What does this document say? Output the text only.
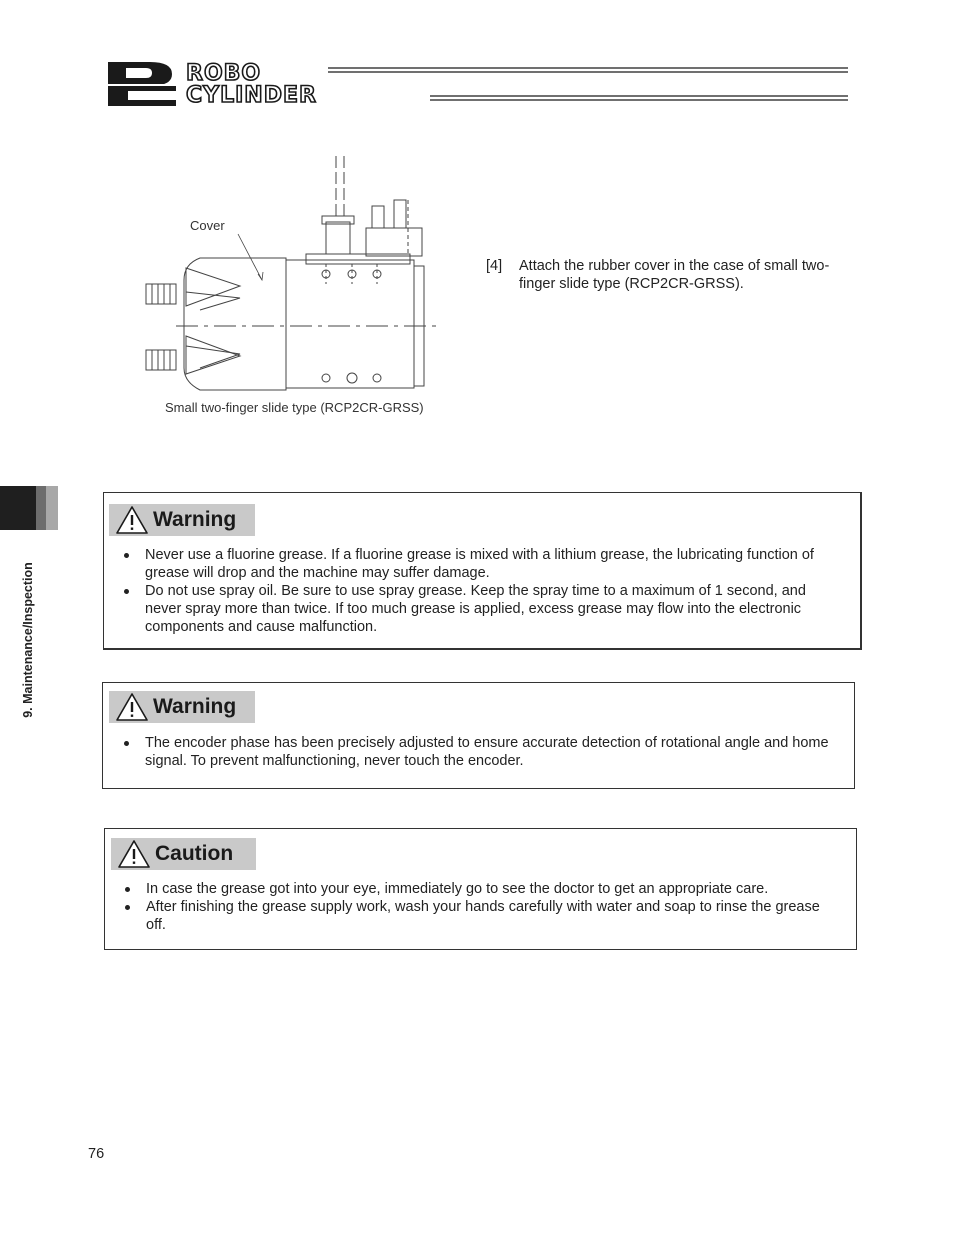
ROBO
CYLINDER
Cover
Small two-finger slide type (RCP2CR-GRSS)
[4] Attach the rubber cover in the case of small two-finger slide type (RCP2CR-GRSS).
9. Maintenance/Inspection
Warning
Never use a fluorine grease. If a fluorine grease is mixed with a lithium grease, the lubricating function of grease will drop and the machine may suffer damage.
Do not use spray oil. Be sure to use spray grease. Keep the spray time to a maximum of 1 second, and never spray more than twice. If too much grease is applied, excess grease may flow into the electronic components and cause malfunction.
Warning
The encoder phase has been precisely adjusted to ensure accurate detection of rotational angle and home signal. To prevent malfunctioning, never touch the encoder.
Caution
In case the grease got into your eye, immediately go to see the doctor to get an appropriate care.
After finishing the grease supply work, wash your hands carefully with water and soap to rinse the grease off.
76
